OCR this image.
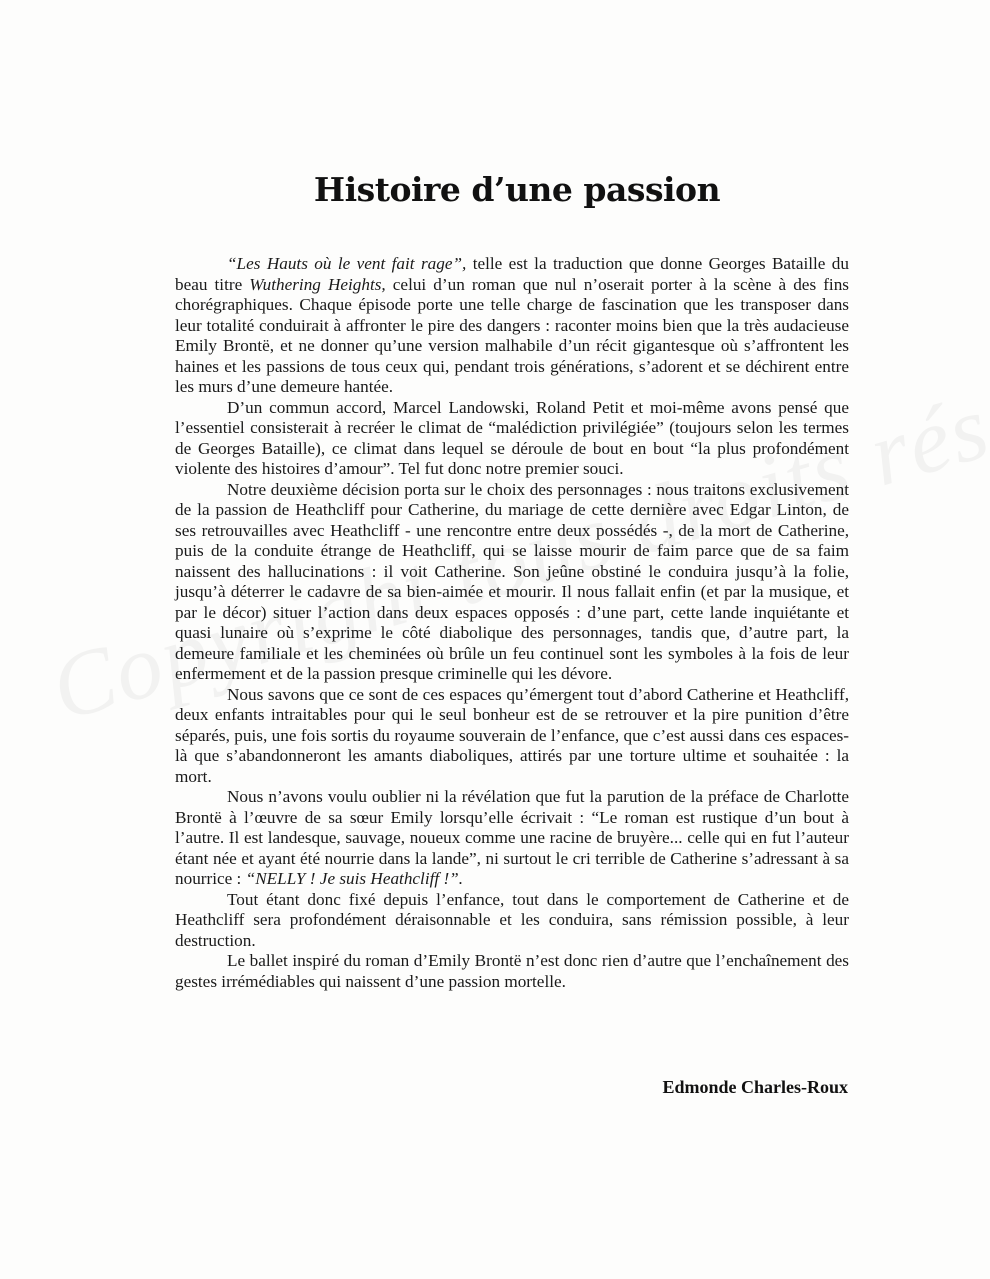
Histoire d’une passion

“Les Hauts où le vent fait rage”, telle est la traduction que donne Georges Bataille du beau titre Wuthering Heights, celui d’un roman que nul n’oserait porter à la scène à des fins chorégraphiques. Chaque épisode porte une telle charge de fascination que les transposer dans leur totalité conduirait à affronter le pire des dangers : raconter moins bien que la très audacieuse Emily Brontë, et ne donner qu’une version malhabile d’un récit gigantesque où s’affrontent les haines et les passions de tous ceux qui, pendant trois générations, s’adorent et se déchirent entre les murs d’une demeure hantée.

D’un commun accord, Marcel Landowski, Roland Petit et moi-même avons pensé que l’essentiel consisterait à recréer le climat de “malédiction privilégiée” (toujours selon les termes de Georges Bataille), ce climat dans lequel se déroule de bout en bout “la plus profondément violente des histoires d’amour”. Tel fut donc notre premier souci.

Notre deuxième décision porta sur le choix des personnages : nous traitons exclusivement de la passion de Heathcliff pour Catherine, du mariage de cette dernière avec Edgar Linton, de ses retrouvailles avec Heathcliff - une rencontre entre deux possédés -, de la mort de Catherine, puis de la conduite étrange de Heathcliff, qui se laisse mourir de faim parce que de sa faim naissent des hallucinations : il voit Catherine. Son jeûne obstiné le conduira jusqu’à la folie, jusqu’à déterrer le cadavre de sa bien-aimée et mourir. Il nous fallait enfin (et par la musique, et par le décor) situer l’action dans deux espaces opposés : d’une part, cette lande inquiétante et quasi lunaire où s’exprime le côté diabolique des personnages, tandis que, d’autre part, la demeure familiale et les cheminées où brûle un feu continuel sont les symboles à la fois de leur enfermement et de la passion presque criminelle qui les dévore.

Nous savons que ce sont de ces espaces qu’émergent tout d’abord Catherine et Heathcliff, deux enfants intraitables pour qui le seul bonheur est de se retrouver et la pire punition d’être séparés, puis, une fois sortis du royaume souverain de l’enfance, que c’est aussi dans ces espaces-là que s’abandonneront les amants diaboliques, attirés par une torture ultime et souhaitée : la mort.

Nous n’avons voulu oublier ni la révélation que fut la parution de la préface de Charlotte Brontë à l’œuvre de sa sœur Emily lorsqu’elle écrivait : “Le roman est rustique d’un bout à l’autre. Il est landesque, sauvage, noueux comme une racine de bruyère... celle qui en fut l’auteur étant née et ayant été nourrie dans la lande”, ni surtout le cri terrible de Catherine s’adressant à sa nourrice : “NELLY ! Je suis Heathcliff !”.

Tout étant donc fixé depuis l’enfance, tout dans le comportement de Catherine et de Heathcliff sera profondément déraisonnable et les conduira, sans rémission possible, à leur destruction.

Le ballet inspiré du roman d’Emily Brontë n’est donc rien d’autre que l’enchaînement des gestes irrémédiables qui naissent d’une passion mortelle.

Edmonde Charles-Roux
